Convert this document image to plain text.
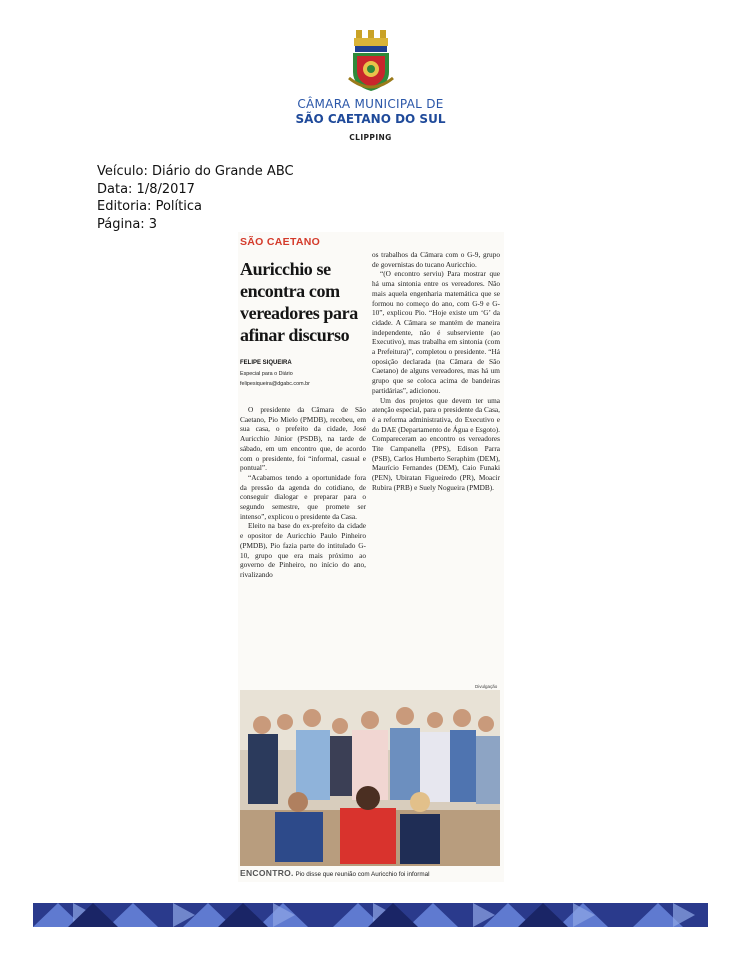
CÂMARA MUNICIPAL DE
SÃO CAETANO DO SUL
CLIPPING
Veículo: Diário do Grande ABC
Data: 1/8/2017
Editoria: Política
Página: 3
SÃO CAETANO
Auricchio se encontra com vereadores para afinar discurso
FELIPE SIQUEIRA
Especial para o Diário
felipesiqueira@dgabc.com.br

O presidente da Câmara de São Caetano, Pio Mielo (PMDB), recebeu, em sua casa, o prefeito da cidade, José Auricchio Júnior (PSDB), na tarde de sábado, em um encontro que, de acordo com o presidente, foi “informal, casual e pontual”.

“Acabamos tendo a oportunidade fora da pressão da agenda do cotidiano, de conseguir dialogar e preparar para o segundo semestre, que promete ser intenso”, explicou o presidente da Casa.

Eleito na base do ex-prefeito da cidade e opositor de Auricchio Paulo Pinheiro (PMDB), Pio fazia parte do intitulado G-10, grupo que era mais próximo ao governo de Pinheiro, no início do ano, rivalizando

os trabalhos da Câmara com o G-9, grupo de governistas do tucano Auricchio.

“(O encontro serviu) Para mostrar que há uma sintonia entre os vereadores. Não mais aquela engenharia matemática que se formou no começo do ano, com G-9 e G-10”, explicou Pio. “Hoje existe um ‘G’ da cidade. A Câmara se mantém de maneira independente, não é subserviente (ao Executivo), mas trabalha em sintonia (com a Prefeitura)”, completou o presidente. “Há oposição declarada (na Câmara de São Caetano) de alguns vereadores, mas há um grupo que se coloca acima de bandeiras partidárias”, adicionou.

Um dos projetos que devem ter uma atenção especial, para o presidente da Casa, é a reforma administrativa, do Executivo e do DAE (Departamento de Água e Esgoto). Compareceram ao encontro os vereadores Tite Campanella (PPS), Edison Parra (PSB), Carlos Humberto Seraphim (DEM), Maurício Fernandes (DEM), Caio Funaki (PEN), Ubiratan Figueiredo (PR), Moacir Rubira (PRB) e Suely Nogueira (PMDB).

Divulgação
ENCONTRO. Pio disse que reunião com Auricchio foi informal
